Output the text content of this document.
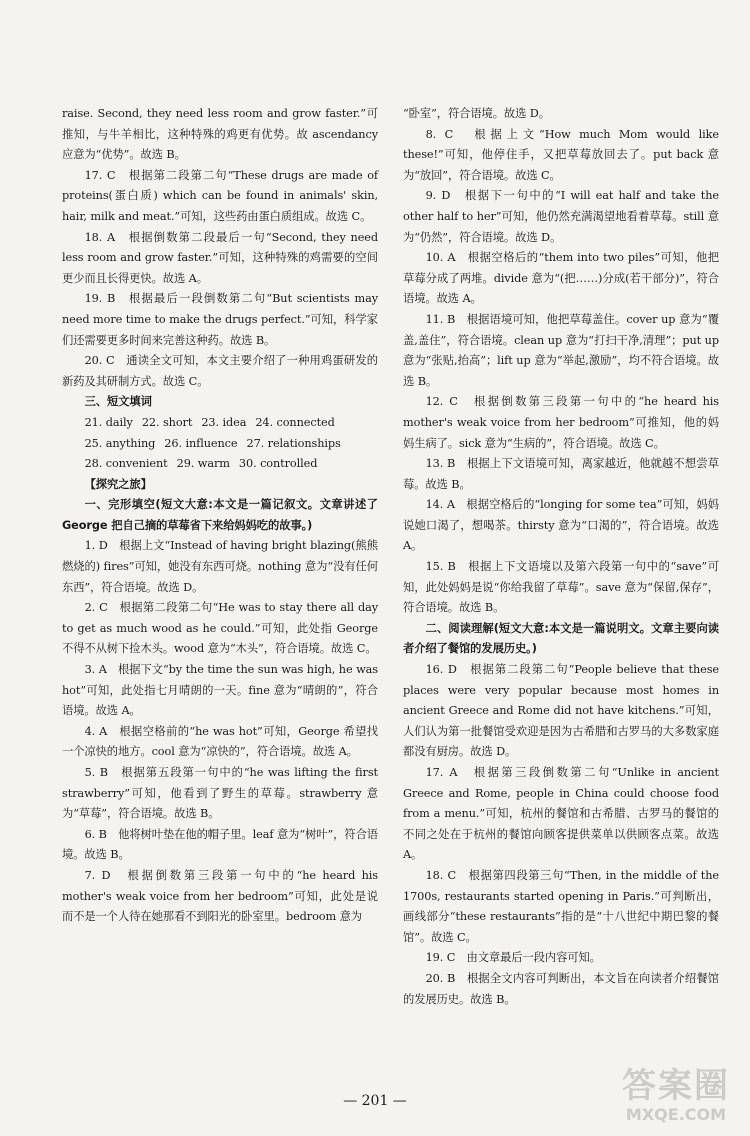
raise. Second, they need less room and grow faster.”可推知，与牛羊相比，这种特殊的鸡更有优势。故 ascendancy 应意为“优势”。故选 B。
17. C　根据第二段第二句“These drugs are made of proteins(蛋白质) which can be found in animals' skin, hair, milk and meat.”可知，这些药由蛋白质组成。故选 C。
18. A　根据倒数第二段最后一句“Second, they need less room and grow faster.”可知，这种特殊的鸡需要的空间更少而且长得更快。故选 A。
19. B　根据最后一段倒数第二句“But scientists may need more time to make the drugs perfect.”可知，科学家们还需要更多时间来完善这种药。故选 B。
20. C　通读全文可知，本文主要介绍了一种用鸡蛋研发的新药及其研制方式。故选 C。
三、短文填词
21. daily 22. short 23. idea 24. connected
25. anything 26. influence 27. relationships
28. convenient 29. warm 30. controlled
【探究之旅】
一、完形填空(短文大意:本文是一篇记叙文。文章讲述了 George 把自己摘的草莓省下来给妈妈吃的故事。)
1. D　根据上文“Instead of having bright blazing(熊熊燃烧的) fires”可知，她没有东西可烧。nothing 意为“没有任何东西”，符合语境。故选 D。
2. C　根据第二段第二句“He was to stay there all day to get as much wood as he could.”可知，此处指 George 不得不从树下捡木头。wood 意为“木头”，符合语境。故选 C。
3. A　根据下文“by the time the sun was high, he was hot”可知，此处指七月晴朗的一天。fine 意为“晴朗的”，符合语境。故选 A。
4. A　根据空格前的“he was hot”可知，George 希望找一个凉快的地方。cool 意为“凉快的”，符合语境。故选 A。
5. B　根据第五段第一句中的“he was lifting the first strawberry”可知，他看到了野生的草莓。strawberry 意为“草莓”，符合语境。故选 B。
6. B　他将树叶垫在他的帽子里。leaf 意为“树叶”，符合语境。故选 B。
7. D　根据倒数第三段第一句中的“he heard his mother's weak voice from her bedroom”可知，此处是说而不是一个人待在她那看不到阳光的卧室里。bedroom 意为
“卧室”，符合语境。故选 D。
8. C　根据上文“How much Mom would like these!”可知，他停住手，又把草莓放回去了。put back 意为“放回”，符合语境。故选 C。
9. D　根据下一句中的“I will eat half and take the other half to her”可知，他仍然充满渴望地看着草莓。still 意为“仍然”，符合语境。故选 D。
10. A　根据空格后的“them into two piles”可知，他把草莓分成了两堆。divide 意为“(把……)分成(若干部分)”，符合语境。故选 A。
11. B　根据语境可知，他把草莓盖住。cover up 意为“覆盖,盖住”，符合语境。clean up 意为“打扫干净,清理”；put up 意为“张贴,抬高”；lift up 意为“举起,激励”，均不符合语境。故选 B。
12. C　根据倒数第三段第一句中的“he heard his mother's weak voice from her bedroom”可推知，他的妈妈生病了。sick 意为“生病的”，符合语境。故选 C。
13. B　根据上下文语境可知，离家越近，他就越不想尝草莓。故选 B。
14. A　根据空格后的“longing for some tea”可知，妈妈说她口渴了，想喝茶。thirsty 意为“口渴的”，符合语境。故选 A。
15. B　根据上下文语境以及第六段第一句中的“save”可知，此处妈妈是说“你给我留了草莓”。save 意为“保留,保存”，符合语境。故选 B。
二、阅读理解(短文大意:本文是一篇说明文。文章主要向读者介绍了餐馆的发展历史。)
16. D　根据第二段第二句“People believe that these places were very popular because most homes in ancient Greece and Rome did not have kitchens.”可知，人们认为第一批餐馆受欢迎是因为古希腊和古罗马的大多数家庭都没有厨房。故选 D。
17. A　根据第三段倒数第二句“Unlike in ancient Greece and Rome, people in China could choose food from a menu.”可知，杭州的餐馆和古希腊、古罗马的餐馆的不同之处在于杭州的餐馆向顾客提供菜单以供顾客点菜。故选 A。
18. C　根据第四段第三句“Then, in the middle of the 1700s, restaurants started opening in Paris.”可判断出，画线部分“these restaurants”指的是“十八世纪中期巴黎的餐馆”。故选 C。
19. C　由文章最后一段内容可知。
20. B　根据全文内容可判断出，本文旨在向读者介绍餐馆的发展历史。故选 B。
— 201 —	答案圈
MXQE.COM
